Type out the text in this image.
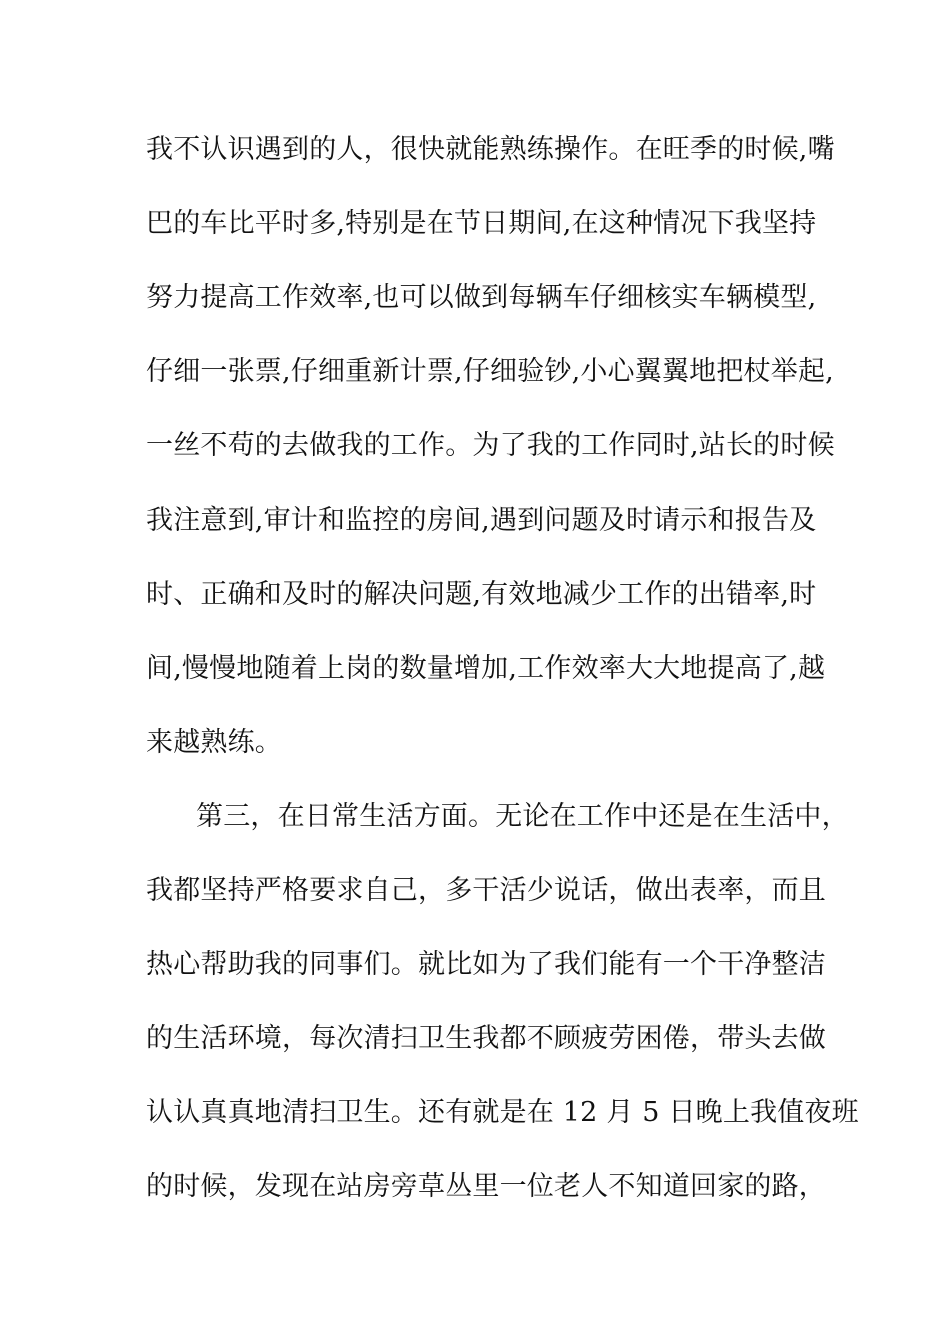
我不认识遇到的人，很快就能熟练操作。在旺季的时候,嘴
巴的车比平时多,特别是在节日期间,在这种情况下我坚持
努力提高工作效率,也可以做到每辆车仔细核实车辆模型,
仔细一张票,仔细重新计票,仔细验钞,小心翼翼地把杖举起,
一丝不苟的去做我的工作。为了我的工作同时,站长的时候
我注意到,审计和监控的房间,遇到问题及时请示和报告及
时、正确和及时的解决问题,有效地减少工作的出错率,时
间,慢慢地随着上岗的数量增加,工作效率大大地提高了,越
来越熟练。
第三，在日常生活方面。无论在工作中还是在生活中，
我都坚持严格要求自己，多干活少说话，做出表率，而且
热心帮助我的同事们。就比如为了我们能有一个干净整洁
的生活环境，每次清扫卫生我都不顾疲劳困倦，带头去做
认认真真地清扫卫生。还有就是在 12 月 5 日晚上我值夜班
的时候，发现在站房旁草丛里一位老人不知道回家的路，
